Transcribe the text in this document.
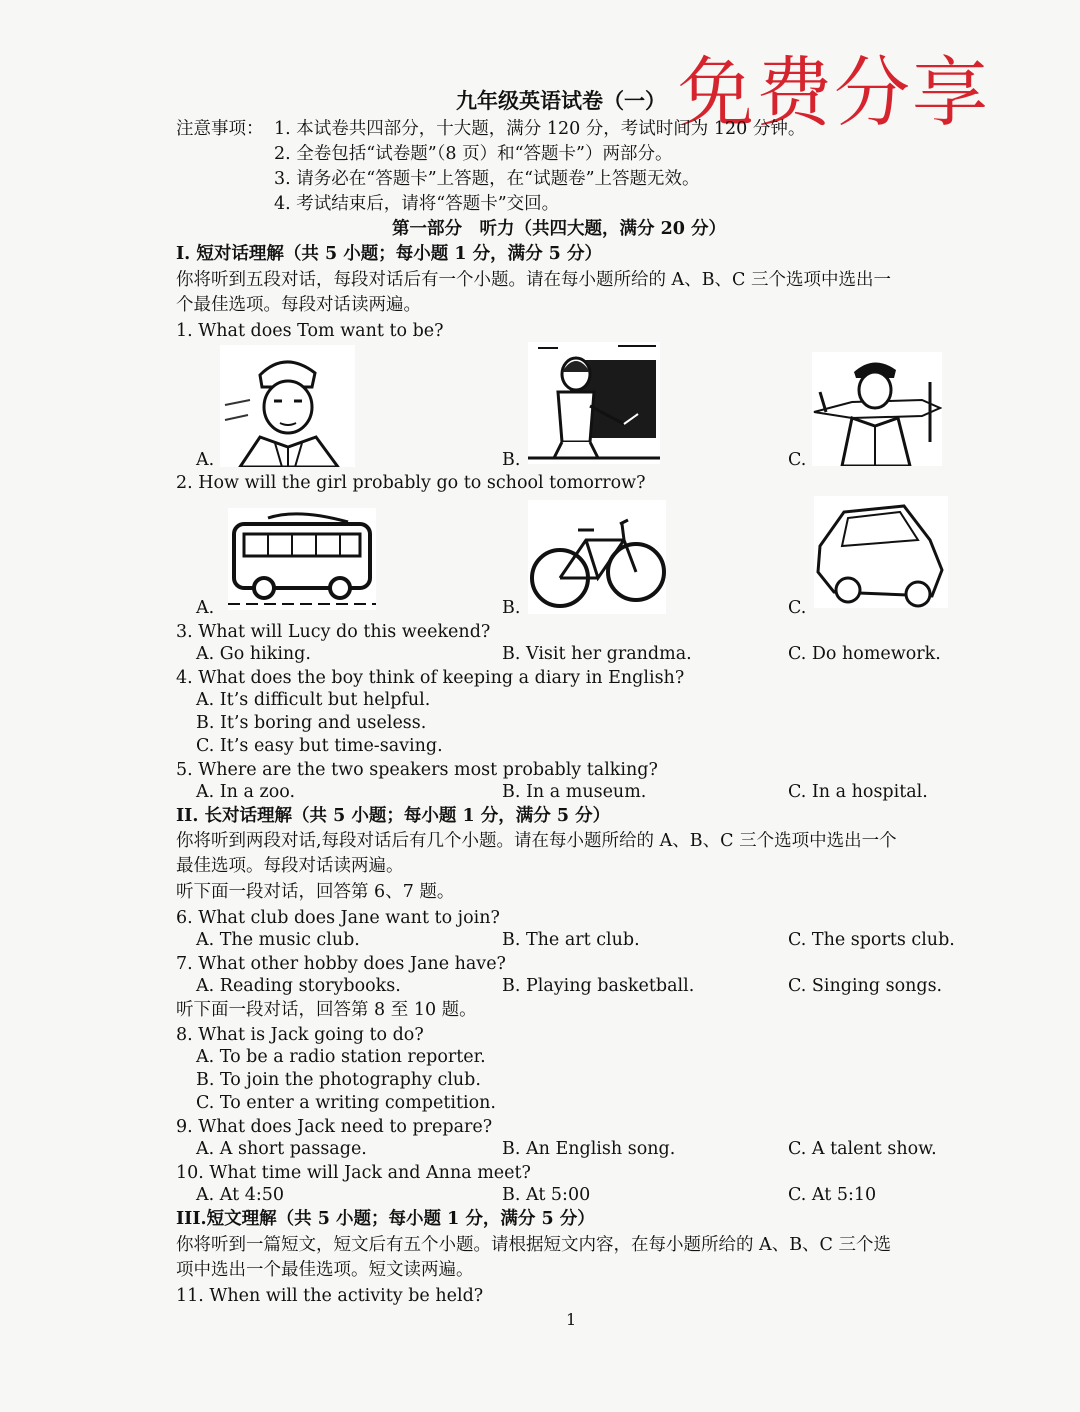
免费分享
九年级英语试卷（一）
注意事项： 1. 本试卷共四部分，十大题，满分 120 分，考试时间为 120 分钟。
2. 全卷包括“试卷题”（8 页）和“答题卡”）两部分。
3. 请务必在“答题卡”上答题，在“试题卷”上答题无效。
4. 考试结束后，请将“答题卡”交回。
第一部分　听力（共四大题，满分 20 分）
I. 短对话理解（共 5 小题；每小题 1 分，满分 5 分）
你将听到五段对话，每段对话后有一个小题。请在每小题所给的 A、B、C 三个选项中选出一
个最佳选项。每段对话读两遍。
1. What does Tom want to be?
A.	B.	C.
2. How will the girl probably go to school tomorrow?
A.	B.	C.
3. What will Lucy do this weekend?
A. Go hiking.	B. Visit her grandma.	C. Do homework.
4. What does the boy think of keeping a diary in English?
A. It’s difficult but helpful.
B. It’s boring and useless.
C. It’s easy but time-saving.
5. Where are the two speakers most probably talking?
A. In a zoo.	B. In a museum.	C. In a hospital.
II. 长对话理解（共 5 小题；每小题 1 分，满分 5 分）
你将听到两段对话,每段对话后有几个小题。请在每小题所给的 A、B、C 三个选项中选出一个
最佳选项。每段对话读两遍。
听下面一段对话，回答第 6、7 题。
6. What club does Jane want to join?
A. The music club.	B. The art club.	C. The sports club.
7. What other hobby does Jane have?
A. Reading storybooks.	B. Playing basketball.	C. Singing songs.
听下面一段对话，回答第 8 至 10 题。
8. What is Jack going to do?
A. To be a radio station reporter.
B. To join the photography club.
C. To enter a writing competition.
9. What does Jack need to prepare?
A. A short passage.	B. An English song.	C. A talent show.
10. What time will Jack and Anna meet?
A. At 4:50	B. At 5:00	C. At 5:10
III.短文理解（共 5 小题；每小题 1 分，满分 5 分）
你将听到一篇短文，短文后有五个小题。请根据短文内容，在每小题所给的 A、B、C 三个选
项中选出一个最佳选项。短文读两遍。
11. When will the activity be held?
1
